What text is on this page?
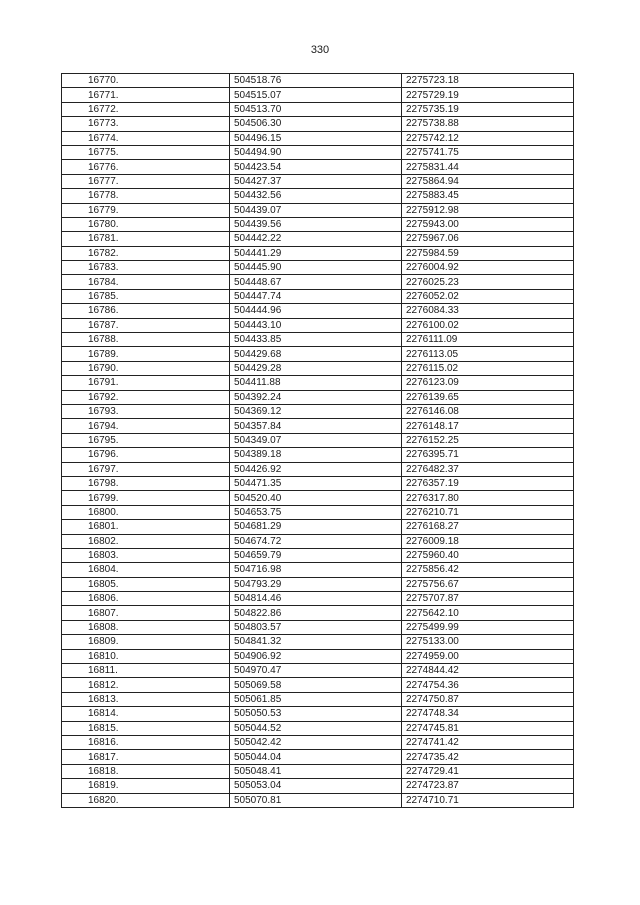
330
16770.	504518.76	2275723.18
16771.	504515.07	2275729.19
16772.	504513.70	2275735.19
16773.	504506.30	2275738.88
16774.	504496.15	2275742.12
16775.	504494.90	2275741.75
16776.	504423.54	2275831.44
16777.	504427.37	2275864.94
16778.	504432.56	2275883.45
16779.	504439.07	2275912.98
16780.	504439.56	2275943.00
16781.	504442.22	2275967.06
16782.	504441.29	2275984.59
16783.	504445.90	2276004.92
16784.	504448.67	2276025.23
16785.	504447.74	2276052.02
16786.	504444.96	2276084.33
16787.	504443.10	2276100.02
16788.	504433.85	2276111.09
16789.	504429.68	2276113.05
16790.	504429.28	2276115.02
16791.	504411.88	2276123.09
16792.	504392.24	2276139.65
16793.	504369.12	2276146.08
16794.	504357.84	2276148.17
16795.	504349.07	2276152.25
16796.	504389.18	2276395.71
16797.	504426.92	2276482.37
16798.	504471.35	2276357.19
16799.	504520.40	2276317.80
16800.	504653.75	2276210.71
16801.	504681.29	2276168.27
16802.	504674.72	2276009.18
16803.	504659.79	2275960.40
16804.	504716.98	2275856.42
16805.	504793.29	2275756.67
16806.	504814.46	2275707.87
16807.	504822.86	2275642.10
16808.	504803.57	2275499.99
16809.	504841.32	2275133.00
16810.	504906.92	2274959.00
16811.	504970.47	2274844.42
16812.	505069.58	2274754.36
16813.	505061.85	2274750.87
16814.	505050.53	2274748.34
16815.	505044.52	2274745.81
16816.	505042.42	2274741.42
16817.	505044.04	2274735.42
16818.	505048.41	2274729.41
16819.	505053.04	2274723.87
16820.	505070.81	2274710.71
